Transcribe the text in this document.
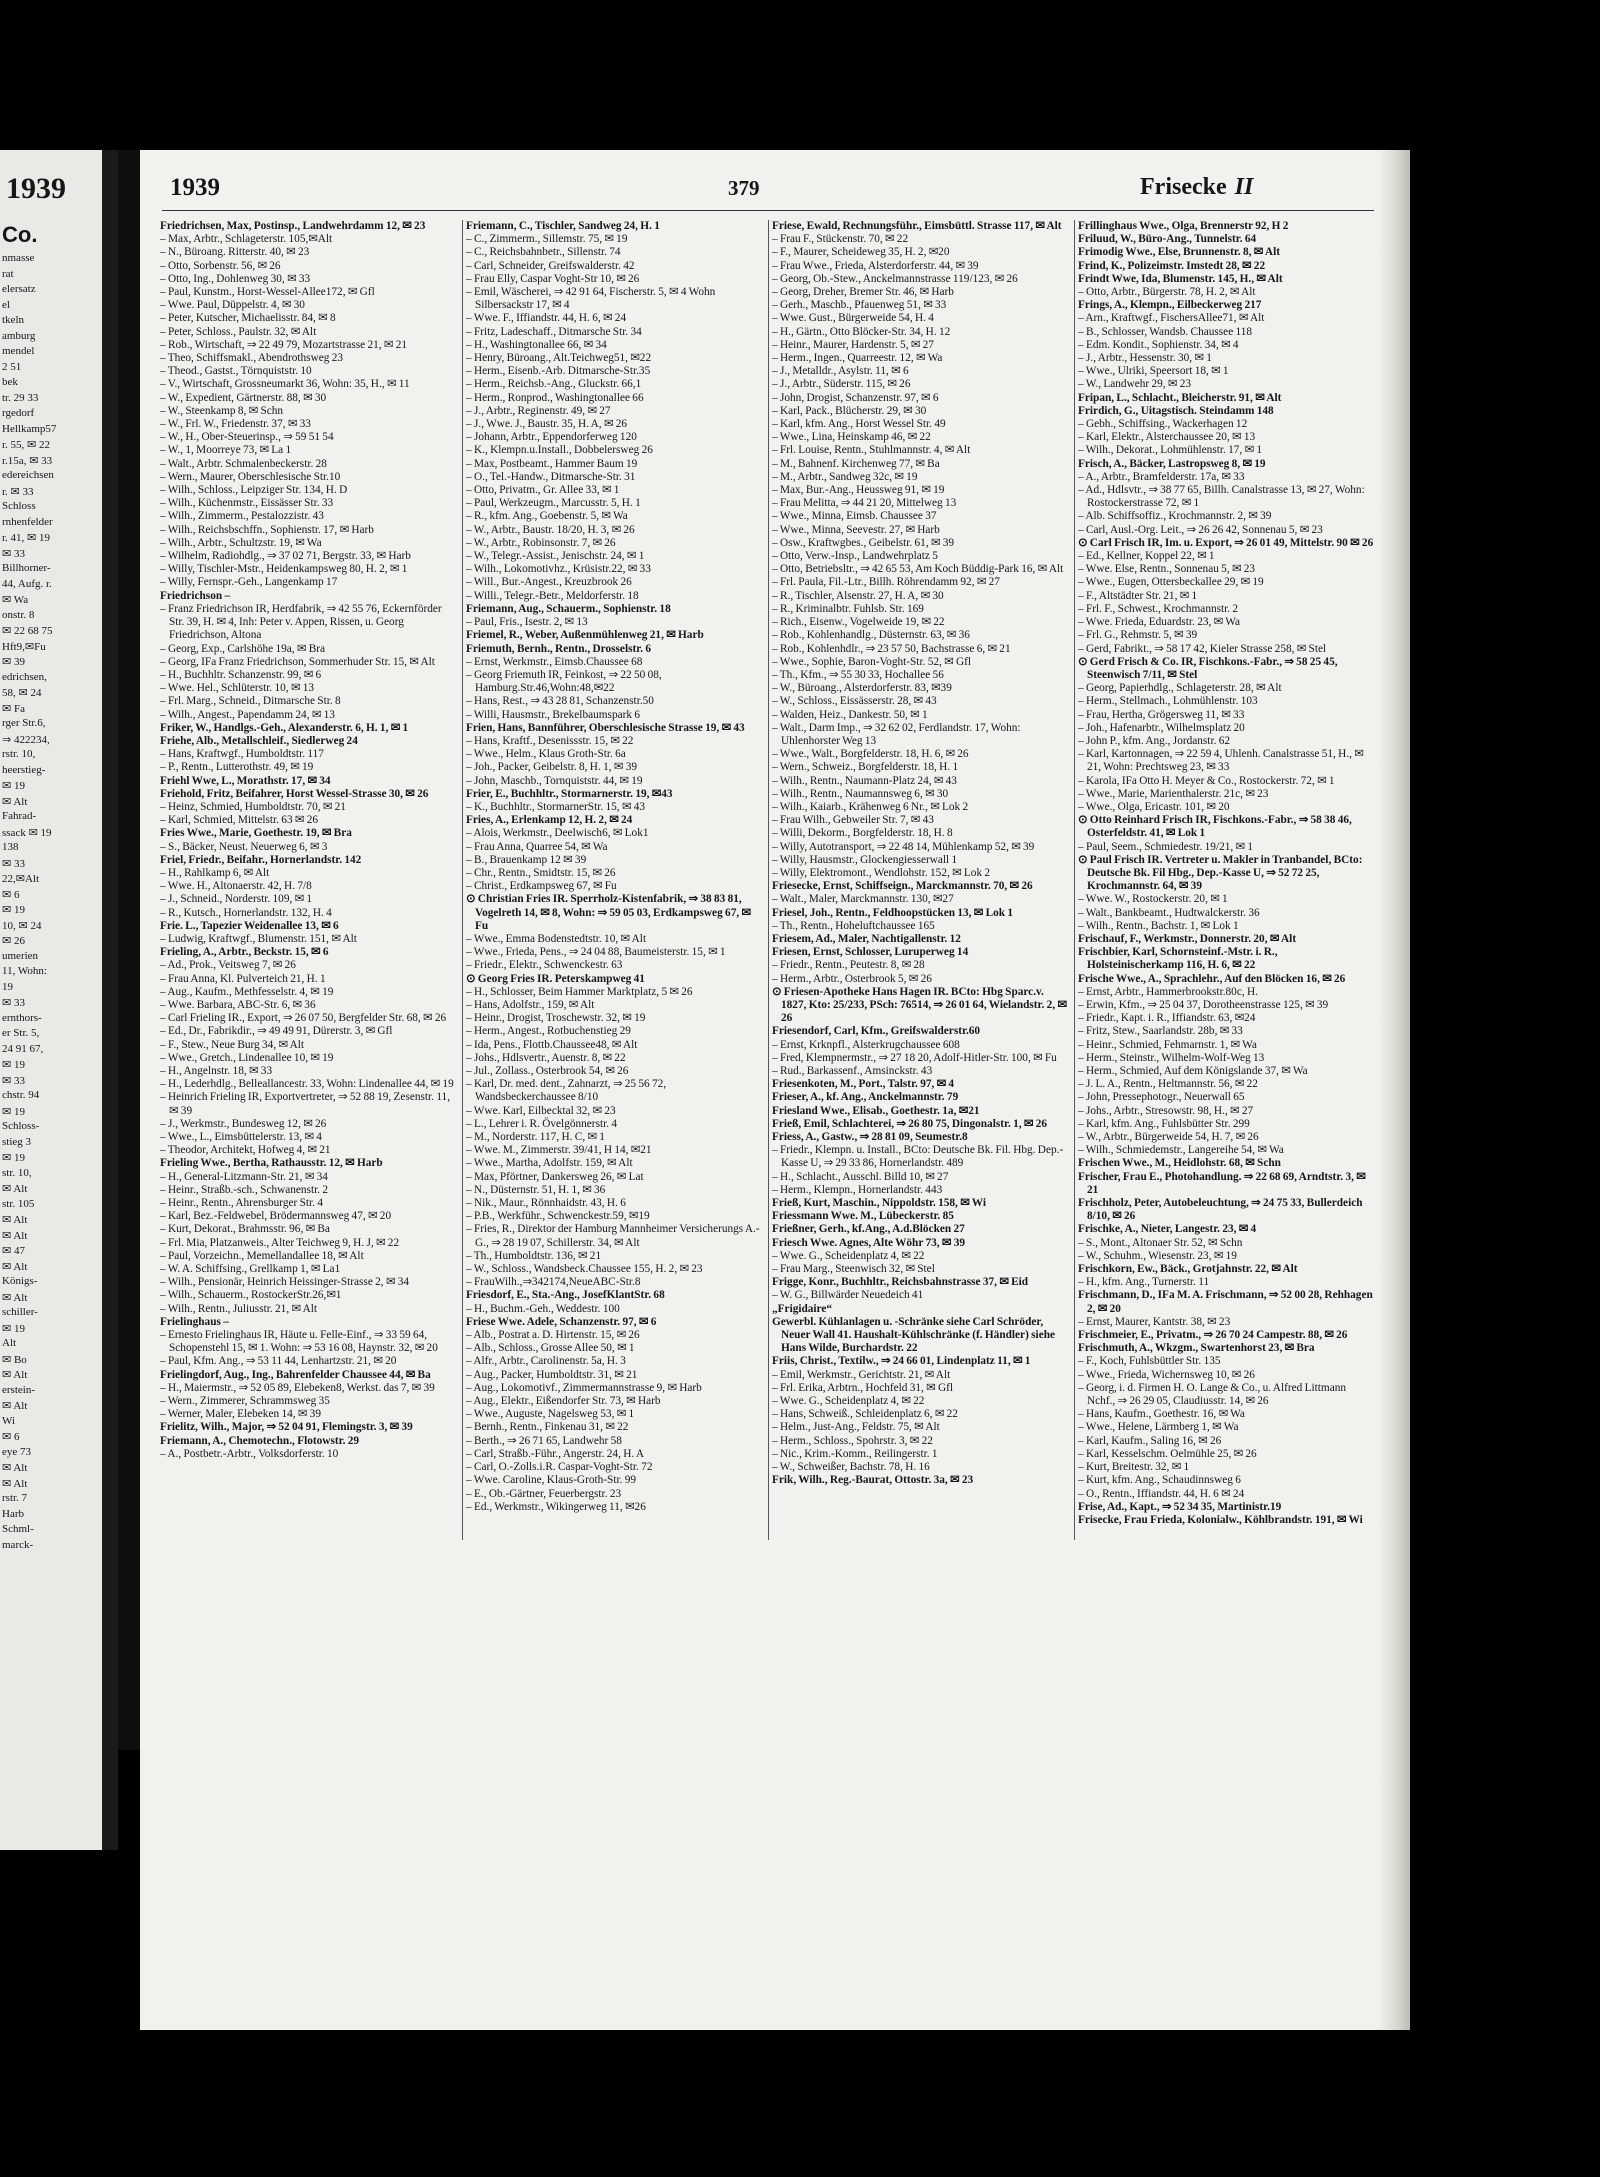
1939
Co.
nmasse
rat
elersatz
el
tkeln
amburg
mendel
2 51
bek
tr. 29 33
rgedorf
Hellkamp57
r. 55, ✉ 22
r.15a, ✉ 33
edereichsen
r. ✉ 33
Schloss
rnhenfelder
r. 41, ✉ 19
✉ 33
Billhorner-
44, Aufg. r.
✉ Wa
onstr. 8
✉ 22 68 75
Hft9,✉Fu
✉ 39
edrichsen,
58, ✉ 24
✉ Fa
rger Str.6,
⇒ 422234,
rstr. 10,
heerstieg-
✉ 19
✉ Alt
Fahrad-
ssack ✉ 19
138
✉ 33
22,✉Alt
✉ 6
✉ 19
10, ✉ 24
✉ 26
umerien
11, Wohn:
19
✉ 33
ernthors-
er Str. 5,
24 91 67,
✉ 19
✉ 33
chstr. 94
✉ 19
Schloss-
stieg 3
✉ 19
str. 10,
✉ Alt
str. 105
✉ Alt
✉ Alt
✉ 47
✉ Alt
Königs-
✉ Alt
schiller-
✉ 19
Alt
✉ Bo
✉ Alt
erstein-
✉ Alt
Wi
✉ 6
eye 73
✉ Alt
✉ Alt
rstr. 7
Harb
Schml-
marck-
1939	379	Frisecke II
Friedrichsen, Max, Postinsp., Landwehrdamm 12, ✉ 23
– Max, Arbtr., Schlageterstr. 105,✉Alt
– N., Büroang. Ritterstr. 40, ✉ 23
– Otto, Sorbenstr. 56, ✉ 26
– Otto, Ing., Dohlenweg 30, ✉ 33
– Paul, Kunstm., Horst-Wessel-Allee172, ✉ Gfl
– Wwe. Paul, Düppelstr. 4, ✉ 30
– Peter, Kutscher, Michaelisstr. 84, ✉ 8
– Peter, Schloss., Paulstr. 32, ✉ Alt
– Rob., Wirtschaft, ⇒ 22 49 79, Mozartstrasse 21, ✉ 21
– Theo, Schiffsmakl., Abendrothsweg 23
– Theod., Gastst., Törnquiststr. 10
– V., Wirtschaft, Grossneumarkt 36, Wohn: 35, H., ✉ 11
– W., Expedient, Gärtnerstr. 88, ✉ 30
– W., Steenkamp 8, ✉ Schn
– W., Frl. W., Friedenstr. 37, ✉ 33
– W., H., Ober-Steuerinsp., ⇒ 59 51 54
– W., 1, Moorreye 73, ✉ La 1
– Walt., Arbtr. Schmalenbeckerstr. 28
– Wern., Maurer, Oberschlesische Str.10
– Wilh., Schloss., Leipziger Str. 134, H. D
– Wilh., Küchenmstr., Eissässer Str. 33
– Wilh., Zimmerm., Pestalozzistr. 43
– Wilh., Reichsbschffn., Sophienstr. 17, ✉ Harb
– Wilh., Arbtr., Schultzstr. 19, ✉ Wa
– Wilhelm, Radiohdlg., ⇒ 37 02 71, Bergstr. 33, ✉ Harb
– Willy, Tischler-Mstr., Heidenkampsweg 80, H. 2, ✉ 1
– Willy, Fernspr.-Geh., Langenkamp 17
Friedrichson –
– Franz Friedrichson IR, Herdfabrik, ⇒ 42 55 76, Eckernförder Str. 39, H. ✉ 4, Inh: Peter v. Appen, Rissen, u. Georg Friedrichson, Altona
– Georg, Exp., Carlshöhe 19a, ✉ Bra
– Georg, IFa Franz Friedrichson, Sommerhuder Str. 15, ✉ Alt
– H., Buchhltr. Schanzenstr. 99, ✉ 6
– Wwe. Hel., Schlüterstr. 10, ✉ 13
– Frl. Marg., Schneid., Ditmarsche Str. 8
– Wilh., Angest., Papendamm 24, ✉ 13
Friker, W., Handlgs.-Geh., Alexanderstr. 6, H. 1, ✉ 1
Friehe, Alb., Metallschleif., Siedlerweg 24
– Hans, Kraftwgf., Humboldtstr. 117
– P., Rentn., Lutterothstr. 49, ✉ 19
Friehl Wwe, L., Morathstr. 17, ✉ 34
Friehold, Fritz, Beifahrer, Horst Wessel-Strasse 30, ✉ 26
– Heinz, Schmied, Humboldtstr. 70, ✉ 21
– Karl, Schmied, Mittelstr. 63 ✉ 26
Fries Wwe., Marie, Goethestr. 19, ✉ Bra
– S., Bäcker, Neust. Neuerweg 6, ✉ 3
Friel, Friedr., Beifahr., Hornerlandstr. 142
– H., Rahlkamp 6, ✉ Alt
– Wwe. H., Altonaerstr. 42, H. 7/8
– J., Schneid., Norderstr. 109, ✉ 1
– R., Kutsch., Hornerlandstr. 132, H. 4
Frie. L., Tapezier Weidenallee 13, ✉ 6
– Ludwig, Kraftwgf., Blumenstr. 151, ✉ Alt
Frieling, A., Arbtr., Beckstr. 15, ✉ 6
– Ad., Prok., Veitsweg 7, ✉ 26
– Frau Anna, Kl. Pulverteich 21, H. 1
– Aug., Kaufm., Methfesselstr. 4, ✉ 19
– Wwe. Barbara, ABC-Str. 6, ✉ 36
– Carl Frieling IR., Export, ⇒ 26 07 50, Bergfelder Str. 68, ✉ 26
– Ed., Dr., Fabrikdir., ⇒ 49 49 91, Dürerstr. 3, ✉ Gfl
– F., Stew., Neue Burg 34, ✉ Alt
– Wwe., Gretch., Lindenallee 10, ✉ 19
– H., Angelnstr. 18, ✉ 33
– H., Lederhdlg., Belleallancestr. 33, Wohn: Lindenallee 44, ✉ 19
– Heinrich Frieling IR, Exportvertreter, ⇒ 52 88 19, Zesenstr. 11, ✉ 39
– J., Werkmstr., Bundesweg 12, ✉ 26
– Wwe., L., Eimsbüttelerstr. 13, ✉ 4
– Theodor, Architekt, Hofweg 4, ✉ 21
Frieling Wwe., Bertha, Rathausstr. 12, ✉ Harb
– H., General-Litzmann-Str. 21, ✉ 34
– Heinr., Straßb.-sch., Schwanenstr. 2
– Heinr., Rentn., Ahrensburger Str. 4
– Karl, Bez.-Feldwebel, Brödermannsweg 47, ✉ 20
– Kurt, Dekorat., Brahmsstr. 96, ✉ Ba
– Frl. Mia, Platzanweis., Alter Teichweg 9, H. J, ✉ 22
– Paul, Vorzeichn., Memellandallee 18, ✉ Alt
– W. A. Schiffsing., Grellkamp 1, ✉ La1
– Wilh., Pensionär, Heinrich Heissinger-Strasse 2, ✉ 34
– Wilh., Schauerm., RostockerStr.26,✉1
– Wilh., Rentn., Juliusstr. 21, ✉ Alt
Frielinghaus –
– Ernesto Frielinghaus IR, Häute u. Felle-Einf., ⇒ 33 59 64, Schopenstehl 15, ✉ 1. Wohn: ⇒ 53 16 08, Haynstr. 32, ✉ 20
– Paul, Kfm. Ang., ⇒ 53 11 44, Lenhartzstr. 21, ✉ 20
Frielingdorf, Aug., Ing., Bahrenfelder Chaussee 44, ✉ Ba
– H., Maiermstr., ⇒ 52 05 89, Elebeken8, Werkst. das 7, ✉ 39
– Wern., Zimmerer, Schrammsweg 35
– Werner, Maler, Elebeken 14, ✉ 39
Frielitz, Wilh., Major, ⇒ 52 04 91, Flemingstr. 3, ✉ 39
Friemann, A., Chemotechn., Flotowstr. 29
– A., Postbetr.-Arbtr., Volksdorferstr. 10
Friemann, C., Tischler, Sandweg 24, H. 1
– C., Zimmerm., Sillemstr. 75, ✉ 19
– C., Reichsbahnbetr., Sillenstr. 74
– Carl, Schneider, Greifswalderstr. 42
– Frau Elly, Caspar Voght-Str 10, ✉ 26
– Emil, Wäscherei, ⇒ 42 91 64, Fischerstr. 5, ✉ 4 Wohn Silbersackstr 17, ✉ 4
– Wwe. F., Iffiandstr. 44, H. 6, ✉ 24
– Fritz, Ladeschaff., Ditmarsche Str. 34
– H., Washingtonallee 66, ✉ 34
– Henry, Büroang., Alt.Teichweg51, ✉22
– Herm., Eisenb.-Arb. Ditmarsche-Str.35
– Herm., Reichsb.-Ang., Gluckstr. 66,1
– Herm., Ronprod., Washingtonallee 66
– J., Arbtr., Reginenstr. 49, ✉ 27
– J., Wwe. J., Baustr. 35, H. A, ✉ 26
– Johann, Arbtr., Eppendorferweg 120
– K., Klempn.u.Install., Dobbelersweg 26
– Max, Postbeamt., Hammer Baum 19
– O., Tel.-Handw., Ditmarsche-Str. 31
– Otto, Privatm., Gr. Allee 33, ✉ 1
– Paul, Werkzeugm., Marcusstr. 5, H. 1
– R., kfm. Ang., Goebenstr. 5, ✉ Wa
– W., Arbtr., Baustr. 18/20, H. 3, ✉ 26
– W., Arbtr., Robinsonstr. 7, ✉ 26
– W., Telegr.-Assist., Jenischstr. 24, ✉ 1
– Wilh., Lokomotivhz., Krüsistr.22, ✉ 33
– Will., Bur.-Angest., Kreuzbrook 26
– Willi., Telegr.-Betr., Meldorferstr. 18
Friemann, Aug., Schauerm., Sophienstr. 18
– Paul, Fris., Isestr. 2, ✉ 13
Friemel, R., Weber, Außenmühlenweg 21, ✉ Harb
Friemuth, Bernh., Rentn., Drosselstr. 6
– Ernst, Werkmstr., Eimsb.Chaussee 68
– Georg Friemuth IR, Feinkost, ⇒ 22 50 08, Hamburg.Str.46,Wohn:48,✉22
– Hans, Rest., ⇒ 43 28 81, Schanzenstr.50
– Willi, Hausmstr., Brekelbaumspark 6
Frien, Hans, Bannführer, Oberschlesische Strasse 19, ✉ 43
– Hans, Kraftf., Desenissstr. 15, ✉ 22
– Wwe., Helm., Klaus Groth-Str. 6a
– Joh., Packer, Geibelstr. 8, H. 1, ✉ 39
– John, Maschb., Tornquiststr. 44, ✉ 19
Frier, E., Buchhltr., Stormarnerstr. 19, ✉43
– K., Buchhltr., StormarnerStr. 15, ✉ 43
Fries, A., Erlenkamp 12, H. 2, ✉ 24
– Alois, Werkmstr., Deelwisch6, ✉ Lok1
– Frau Anna, Quarree 54, ✉ Wa
– B., Brauenkamp 12 ✉ 39
– Chr., Rentn., Smidtstr. 15, ✉ 26
– Christ., Erdkampsweg 67, ✉ Fu
⊙ Christian Fries IR. Sperrholz-Kistenfabrik, ⇒ 38 83 81, Vogelreth 14, ✉ 8, Wohn: ⇒ 59 05 03, Erdkampsweg 67, ✉ Fu
– Wwe., Emma Bodenstedtstr. 10, ✉ Alt
– Wwe., Frieda, Pens., ⇒ 24 04 88, Baumeisterstr. 15, ✉ 1
– Friedr., Elektr., Schwenckestr. 63
⊙ Georg Fries IR. Peterskampweg 41
– H., Schlosser, Beim Hammer Marktplatz, 5 ✉ 26
– Hans, Adolfstr., 159, ✉ Alt
– Heinr., Drogist, Troschewstr. 32, ✉ 19
– Herm., Angest., Rotbuchenstieg 29
– Ida, Pens., Flottb.Chaussee48, ✉ Alt
– Johs., Hdlsvertr., Auenstr. 8, ✉ 22
– Jul., Zollass., Osterbrook 54, ✉ 26
– Karl, Dr. med. dent., Zahnarzt, ⇒ 25 56 72, Wandsbeckerchaussee 8/10
– Wwe. Karl, Eilbecktal 32, ✉ 23
– L., Lehrer i. R. Övelgönnerstr. 4
– M., Norderstr. 117, H. C, ✉ 1
– Wwe. M., Zimmerstr. 39/41, H 14, ✉21
– Wwe., Martha, Adolfstr. 159, ✉ Alt
– Max, Pförtner, Dankersweg 26, ✉ Lat
– N., Düsternstr. 51, H. 1, ✉ 36
– Nik., Maur., Rönnhaidstr. 43, H. 6
– P.B., Werkführ., Schwenckestr.59, ✉19
– Fries, R., Direktor der Hamburg Mannheimer Versicherungs A.-G., ⇒ 28 19 07, Schillerstr. 34, ✉ Alt
– Th., Humboldtstr. 136, ✉ 21
– W., Schloss., Wandsbeck.Chaussee 155, H. 2, ✉ 23
– FrauWilh.,⇒342174,NeueABC-Str.8
Friesdorf, E., Sta.-Ang., JosefKlantStr. 68
– H., Buchm.-Geh., Weddestr. 100
Friese Wwe. Adele, Schanzenstr. 97, ✉ 6
– Alb., Postrat a. D. Hirtenstr. 15, ✉ 26
– Alb., Schloss., Grosse Allee 50, ✉ 1
– Alfr., Arbtr., Carolinenstr. 5a, H. 3
– Aug., Packer, Humboldtstr. 31, ✉ 21
– Aug., Lokomotivf., Zimmermannstrasse 9, ✉ Harb
– Aug., Elektr., Eißendorfer Str. 73, ✉ Harb
– Wwe., Auguste, Nagelsweg 53, ✉ 1
– Bernh., Rentn., Finkenau 31, ✉ 22
– Berth., ⇒ 26 71 65, Landwehr 58
– Carl, Straßb.-Führ., Angerstr. 24, H. A
– Carl, O.-Zolls.i.R. Caspar-Voght-Str. 72
– Wwe. Caroline, Klaus-Groth-Str. 99
– E., Ob.-Gärtner, Feuerbergstr. 23
– Ed., Werkmstr., Wikingerweg 11, ✉26
Friese, Ewald, Rechnungsführ., Eimsbüttl. Strasse 117, ✉ Alt
– Frau F., Stückenstr. 70, ✉ 22
– F., Maurer, Scheideweg 35, H. 2, ✉20
– Frau Wwe., Frieda, Alsterdorferstr. 44, ✉ 39
– Georg, Ob.-Stew., Anckelmannstrasse 119/123, ✉ 26
– Georg, Dreher, Bremer Str. 46, ✉ Harb
– Gerh., Maschb., Pfauenweg 51, ✉ 33
– Wwe. Gust., Bürgerweide 54, H. 4
– H., Gärtn., Otto Blöcker-Str. 34, H. 12
– Heinr., Maurer, Hardenstr. 5, ✉ 27
– Herm., Ingen., Quarreestr. 12, ✉ Wa
– J., Metalldr., Asylstr. 11, ✉ 6
– J., Arbtr., Süderstr. 115, ✉ 26
– John, Drogist, Schanzenstr. 97, ✉ 6
– Karl, Pack., Blücherstr. 29, ✉ 30
– Karl, kfm. Ang., Horst Wessel Str. 49
– Wwe., Lina, Heinskamp 46, ✉ 22
– Frl. Louise, Rentn., Stuhlmannstr. 4, ✉ Alt
– M., Bahnenf. Kirchenweg 77, ✉ Ba
– M., Arbtr., Sandweg 32c, ✉ 19
– Max, Bur.-Ang., Heussweg 91, ✉ 19
– Frau Melitta, ⇒ 44 21 20, Mittelweg 13
– Wwe., Minna, Eimsb. Chaussee 37
– Wwe., Minna, Seevestr. 27, ✉ Harb
– Osw., Kraftwgbes., Geibelstr. 61, ✉ 39
– Otto, Verw.-Insp., Landwehrplatz 5
– Otto, Betriebsltr., ⇒ 42 65 53, Am Koch Büddig-Park 16, ✉ Alt
– Frl. Paula, Fil.-Ltr., Billh. Röhrendamm 92, ✉ 27
– R., Tischler, Alsenstr. 27, H. A, ✉ 30
– R., Kriminalbtr. Fuhlsb. Str. 169
– Rich., Eisenw., Vogelweide 19, ✉ 22
– Rob., Kohlenhandlg., Düsternstr. 63, ✉ 36
– Rob., Kohlenhdlr., ⇒ 23 57 50, Bachstrasse 6, ✉ 21
– Wwe., Sophie, Baron-Voght-Str. 52, ✉ Gfl
– Th., Kfm., ⇒ 55 30 33, Hochallee 56
– W., Büroang., Alsterdorferstr. 83, ✉39
– W., Schloss., Eissässerstr. 28, ✉ 43
– Walden, Heiz., Dankestr. 50, ✉ 1
– Walt., Darm Imp., ⇒ 32 62 02, Ferdlandstr. 17, Wohn: Uhlenhorster Weg 13
– Wwe., Walt., Borgfelderstr. 18, H. 6, ✉ 26
– Wern., Schweiz., Borgfelderstr. 18, H. 1
– Wilh., Rentn., Naumann-Platz 24, ✉ 43
– Wilh., Rentn., Naumannsweg 6, ✉ 30
– Wilh., Kaiarb., Krähenweg 6 Nr., ✉ Lok 2
– Frau Wilh., Gebweiler Str. 7, ✉ 43
– Willi, Dekorm., Borgfelderstr. 18, H. 8
– Willy, Autotransport, ⇒ 22 48 14, Mühlenkamp 52, ✉ 39
– Willy, Hausmstr., Glockengiesserwall 1
– Willy, Elektromont., Wendlohstr. 152, ✉ Lok 2
Friesecke, Ernst, Schiffseign., Marckmannstr. 70, ✉ 26
– Walt., Maler, Marckmannstr. 130, ✉27
Friesel, Joh., Rentn., Feldhoopstücken 13, ✉ Lok 1
– Th., Rentn., Hoheluftchaussee 165
Friesem, Ad., Maler, Nachtigallenstr. 12
Friesen, Ernst, Schlosser, Luruperweg 14
– Friedr., Rentn., Peutestr. 8, ✉ 28
– Herm., Arbtr., Osterbrook 5, ✉ 26
⊙ Friesen-Apotheke Hans Hagen IR. BCto: Hbg Sparc.v. 1827, Kto: 25/233, PSch: 76514, ⇒ 26 01 64, Wielandstr. 2, ✉ 26
Friesendorf, Carl, Kfm., Greifswalderstr.60
– Ernst, Krknpfl., Alsterkrugchaussee 608
– Fred, Klempnermstr., ⇒ 27 18 20, Adolf-Hitler-Str. 100, ✉ Fu
– Rud., Barkassenf., Amsinckstr. 43
Friesenkoten, M., Port., Talstr. 97, ✉ 4
Frieser, A., kf. Ang., Anckelmannstr. 79
Friesland Wwe., Elisab., Goethestr. 1a, ✉21
Frieß, Emil, Schlachterei, ⇒ 26 80 75, Dingonalstr. 1, ✉ 26
Friess, A., Gastw., ⇒ 28 81 09, Seumestr.8
– Friedr., Klempn. u. Install., BCto: Deutsche Bk. Fil. Hbg. Dep.-Kasse U, ⇒ 29 33 86, Hornerlandstr. 489
– H., Schlacht., Ausschl. Billd 10, ✉ 27
– Herm., Klempn., Hornerlandstr. 443
Frieß, Kurt, Maschin., Nippoldstr. 158, ✉ Wi
Friessmann Wwe. M., Lübeckerstr. 85
Frießner, Gerh., kf.Ang., A.d.Blöcken 27
Friesch Wwe. Agnes, Alte Wöhr 73, ✉ 39
– Wwe. G., Scheidenplatz 4, ✉ 22
– Frau Marg., Steenwisch 32, ✉ Stel
Frigge, Konr., Buchhltr., Reichsbahnstrasse 37, ✉ Eid
– W. G., Billwärder Neuedeich 41
„Frigidaire“
Gewerbl. Kühlanlagen u. -Schränke siehe Carl Schröder, Neuer Wall 41. Haushalt-Kühlschränke (f. Händler) siehe Hans Wilde, Burchardstr. 22
Friis, Christ., Textilw., ⇒ 24 66 01, Lindenplatz 11, ✉ 1
– Emil, Werkmstr., Gerichtstr. 21, ✉ Alt
– Frl. Erika, Arbtrn., Hochfeld 31, ✉ Gfl
– Wwe. G., Scheidenplatz 4, ✉ 22
– Hans, Schweiß., Schleidenplatz 6, ✉ 22
– Helm., Just-Ang., Feldstr. 75, ✉ Alt
– Herm., Schloss., Spohrstr. 3, ✉ 22
– Nic., Krim.-Komm., Reilingerstr. 1
– W., Schweißer, Bachstr. 78, H. 16
Frik, Wilh., Reg.-Baurat, Ottostr. 3a, ✉ 23
Frillinghaus Wwe., Olga, Brennerstr 92, H 2
Friluud, W., Büro-Ang., Tunnelstr. 64
Frimodig Wwe., Else, Brunnenstr. 8, ✉ Alt
Frind, K., Polizeimstr. Imstedt 28, ✉ 22
Frindt Wwe, Ida, Blumenstr. 145, H., ✉ Alt
– Otto, Arbtr., Bürgerstr. 78, H. 2, ✉ Alt
Frings, A., Klempn., Eilbeckerweg 217
– Arn., Kraftwgf., FischersAllee71, ✉ Alt
– B., Schlosser, Wandsb. Chaussee 118
– Edm. Kondit., Sophienstr. 34, ✉ 4
– J., Arbtr., Hessenstr. 30, ✉ 1
– Wwe., Ulriki, Speersort 18, ✉ 1
– W., Landwehr 29, ✉ 23
Fripan, L., Schlacht., Bleicherstr. 91, ✉ Alt
Frirdich, G., Uitagstisch. Steindamm 148
– Gebh., Schiffsing., Wackerhagen 12
– Karl, Elektr., Alsterchaussee 20, ✉ 13
– Wilh., Dekorat., Lohmühlenstr. 17, ✉ 1
Frisch, A., Bäcker, Lastropsweg 8, ✉ 19
– A., Arbtr., Bramfelderstr. 17a, ✉ 33
– Ad., Hdlsvtr., ⇒ 38 77 65, Billh. Canalstrasse 13, ✉ 27, Wohn: Rostockerstrasse 72, ✉ 1
– Alb. Schiffsoffiz., Krochmannstr. 2, ✉ 39
– Carl, Ausl.-Org. Leit., ⇒ 26 26 42, Sonnenau 5, ✉ 23
⊙ Carl Frisch IR, Im. u. Export, ⇒ 26 01 49, Mittelstr. 90 ✉ 26
– Ed., Kellner, Koppel 22, ✉ 1
– Wwe. Else, Rentn., Sonnenau 5, ✉ 23
– Wwe., Eugen, Ottersbeckallee 29, ✉ 19
– F., Altstädter Str. 21, ✉ 1
– Frl. F., Schwest., Krochmannstr. 2
– Wwe. Frieda, Eduardstr. 23, ✉ Wa
– Frl. G., Rehmstr. 5, ✉ 39
– Gerd, Fabrikt., ⇒ 58 17 42, Kieler Strasse 258, ✉ Stel
⊙ Gerd Frisch & Co. IR, Fischkons.-Fabr., ⇒ 58 25 45, Steenwisch 7/11, ✉ Stel
– Georg, Papierhdlg., Schlageterstr. 28, ✉ Alt
– Herm., Stellmach., Lohmühlenstr. 103
– Frau, Hertha, Grögersweg 11, ✉ 33
– Joh., Hafenarbtr., Wilhelmsplatz 20
– John P., kfm. Ang., Jordanstr. 62
– Karl, Kartonnagen, ⇒ 22 59 4, Uhlenh. Canalstrasse 51, H., ✉ 21, Wohn: Prechtsweg 23, ✉ 33
– Karola, IFa Otto H. Meyer & Co., Rostockerstr. 72, ✉ 1
– Wwe., Marie, Marienthalerstr. 21c, ✉ 23
– Wwe., Olga, Ericastr. 101, ✉ 20
⊙ Otto Reinhard Frisch IR, Fischkons.-Fabr., ⇒ 58 38 46, Osterfeldstr. 41, ✉ Lok 1
– Paul, Seem., Schmiedestr. 19/21, ✉ 1
⊙ Paul Frisch IR. Vertreter u. Makler in Tranbandel, BCto: Deutsche Bk. Fil Hbg., Dep.-Kasse U, ⇒ 52 72 25, Krochmannstr. 64, ✉ 39
– Wwe. W., Rostockerstr. 20, ✉ 1
– Walt., Bankbeamt., Hudtwalckerstr. 36
– Wilh., Rentn., Bachstr. 1, ✉ Lok 1
Frischauf, F., Werkmstr., Donnerstr. 20, ✉ Alt
Frischbier, Karl, Schornsteinf.-Mstr. i. R., Holsteinischerkamp 116, H. 6, ✉ 22
Frische Wwe., A., Sprachlehr., Auf den Blöcken 16, ✉ 26
– Ernst, Arbtr., Hammerbrookstr.80c, H.
– Erwin, Kfm., ⇒ 25 04 37, Dorotheenstrasse 125, ✉ 39
– Friedr., Kapt. i. R., Iffiandstr. 63, ✉24
– Fritz, Stew., Saarlandstr. 28b, ✉ 33
– Heinr., Schmied, Fehmarnstr. 1, ✉ Wa
– Herm., Steinstr., Wilhelm-Wolf-Weg 13
– Herm., Schmied, Auf dem Königslande 37, ✉ Wa
– J. L. A., Rentn., Heltmannstr. 56, ✉ 22
– John, Pressephotogr., Neuerwall 65
– Johs., Arbtr., Stresowstr. 98, H., ✉ 27
– Karl, kfm. Ang., Fuhlsbütter Str. 299
– W., Arbtr., Bürgerweide 54, H. 7, ✉ 26
– Wilh., Schmiedemstr., Langereihe 54, ✉ Wa
Frischen Wwe., M., Heidlohstr. 68, ✉ Schn
Frischer, Frau E., Photohandlung. ⇒ 22 68 69, Arndtstr. 3, ✉ 21
Frischholz, Peter, Autobeleuchtung, ⇒ 24 75 33, Bullerdeich 8/10, ✉ 26
Frischke, A., Nieter, Langestr. 23, ✉ 4
– S., Mont., Altonaer Str. 52, ✉ Schn
– W., Schuhm., Wiesenstr. 23, ✉ 19
Frischkorn, Ew., Bäck., Grotjahnstr. 22, ✉ Alt
– H., kfm. Ang., Turnerstr. 11
Frischmann, D., IFa M. A. Frischmann, ⇒ 52 00 28, Rehhagen 2, ✉ 20
– Ernst, Maurer, Kantstr. 38, ✉ 23
Frischmeier, E., Privatm., ⇒ 26 70 24 Campestr. 88, ✉ 26
Frischmuth, A., Wkzgm., Swartenhorst 23, ✉ Bra
– F., Koch, Fuhlsbüttler Str. 135
– Wwe., Frieda, Wichernsweg 10, ✉ 26
– Georg, i. d. Firmen H. O. Lange & Co., u. Alfred Littmann Nchf., ⇒ 26 29 05, Claudiusstr. 14, ✉ 26
– Hans, Kaufm., Goethestr. 16, ✉ Wa
– Wwe., Helene, Lärmberg 1, ✉ Wa
– Karl, Kaufm., Saling 16, ✉ 26
– Karl, Kesselschm. Oelmühle 25, ✉ 26
– Kurt, Breitestr. 32, ✉ 1
– Kurt, kfm. Ang., Schaudinnsweg 6
– O., Rentn., Iffiandstr. 44, H. 6 ✉ 24
Frise, Ad., Kapt., ⇒ 52 34 35, Martinistr.19
Frisecke, Frau Frieda, Kolonialw., Köhlbrandstr. 191, ✉ Wi
